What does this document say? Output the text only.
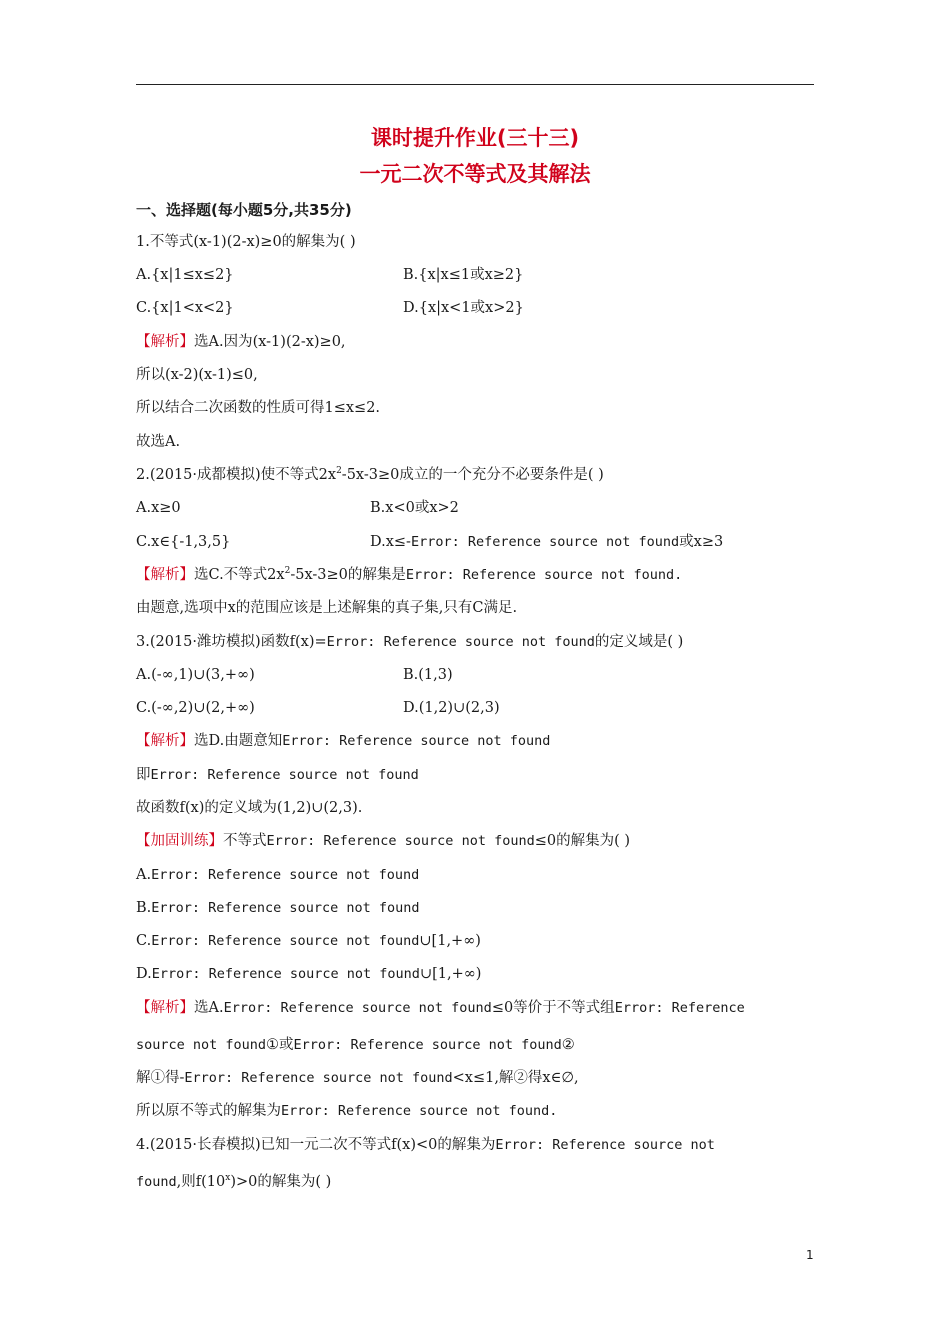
课时提升作业(三十三)
一元二次不等式及其解法
一、选择题(每小题5分,共35分)
1.不等式(x-1)(2-x)≥0的解集为( )
A.{x|1≤x≤2}	B.{x|x≤1或x≥2}
C.{x|1<x<2}	D.{x|x<1或x>2}
【解析】选A.因为(x-1)(2-x)≥0,
所以(x-2)(x-1)≤0,
所以结合二次函数的性质可得1≤x≤2.
故选A.
2.(2015·成都模拟)使不等式$2x^2-5x-3\ge 0$成立的一个充分不必要条件是( )
A.x≥0	B.x<0或x>2
C.x∈{-1,3,5}	D.x≤-Error: Reference source not found或x≥3
【解析】选C.不等式$2x^2-5x-3\ge 0$的解集是Error: Reference source not found.
由题意,选项中x的范围应该是上述解集的真子集,只有C满足.
3.(2015·潍坊模拟)函数f(x)=Error: Reference source not found的定义域是( )
A.(-∞,1)∪(3,+∞)	B.(1,3)
C.(-∞,2)∪(2,+∞)	D.(1,2)∪(2,3)
【解析】选D.由题意知Error: Reference source not found
即Error: Reference source not found
故函数f(x)的定义域为(1,2)∪(2,3).
【加固训练】不等式Error: Reference source not found≤0的解集为( )
A.Error: Reference source not found
B.Error: Reference source not found
C.Error: Reference source not found∪[1,+∞)
D.Error: Reference source not found∪[1,+∞)
【解析】选A.Error: Reference source not found≤0等价于不等式组Error: Reference
source not found①或Error: Reference source not found②
解①得-Error: Reference source not found<x≤1,解②得x∈∅,
所以原不等式的解集为Error: Reference source not found.
4.(2015·长春模拟)已知一元二次不等式f(x)<0的解集为Error: Reference source not
found,则$f(10^x)>0$的解集为( )
1
